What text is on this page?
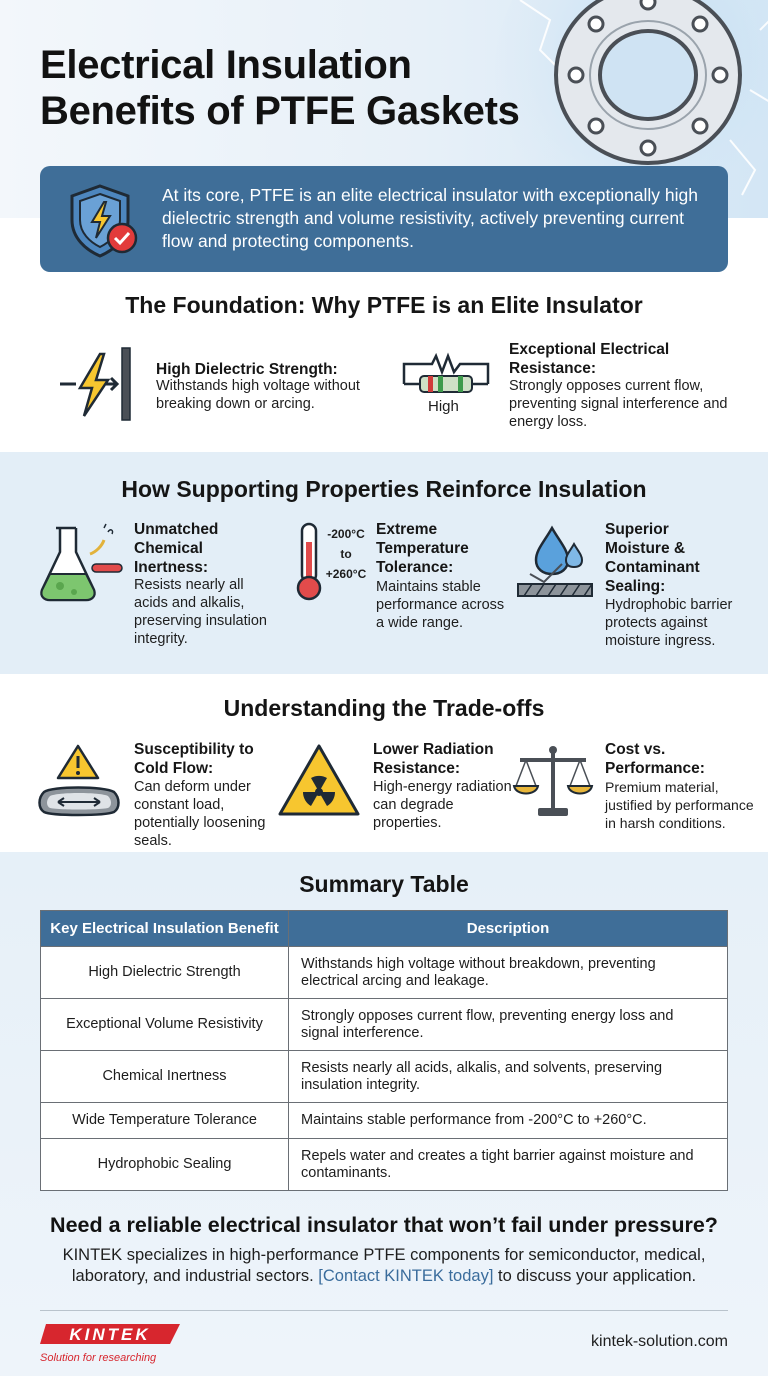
Electrical Insulation
Benefits of PTFE Gaskets

At its core, PTFE is an elite electrical insulator with exceptionally high dielectric strength and volume resistivity, actively preventing current flow and protecting components.

The Foundation: Why PTFE is an Elite Insulator
High Dielectric Strength:
Withstands high voltage without breaking down or arcing.	High
Exceptional Electrical Resistance:
Strongly opposes current flow, preventing signal interference and energy loss.
How Supporting Properties Reinforce Insulation
Unmatched Chemical Inertness:
Resists nearly all acids and alkalis, preserving insulation integrity.
-200°C
to
+260°C
Extreme Temperature Tolerance:
Maintains stable performance across a wide range.
Superior Moisture & Contaminant Sealing:
Hydrophobic barrier protects against moisture ingress.
Understanding the Trade-offs
Susceptibility to Cold Flow:
Can deform under constant load, potentially loosening seals.
Lower Radiation Resistance:
High-energy radiation can degrade properties.
Cost vs. Performance:
Premium material, justified by performance in harsh conditions.
Summary Table
Key Electrical Insulation Benefit	Description
High Dielectric Strength	Withstands high voltage without breakdown, preventing electrical arcing and leakage.
Exceptional Volume Resistivity	Strongly opposes current flow, preventing energy loss and signal interference.
Chemical Inertness	Resists nearly all acids, alkalis, and solvents, preserving insulation integrity.
Wide Temperature Tolerance	Maintains stable performance from -200°C to +260°C.
Hydrophobic Sealing	Repels water and creates a tight barrier against moisture and contaminants.
Need a reliable electrical insulator that won’t fail under pressure?
KINTEK specializes in high-performance PTFE components for semiconductor, medical, laboratory, and industrial sectors. [Contact KINTEK today] to discuss your application.
KINTEK
Solution for researching
kintek-solution.com
